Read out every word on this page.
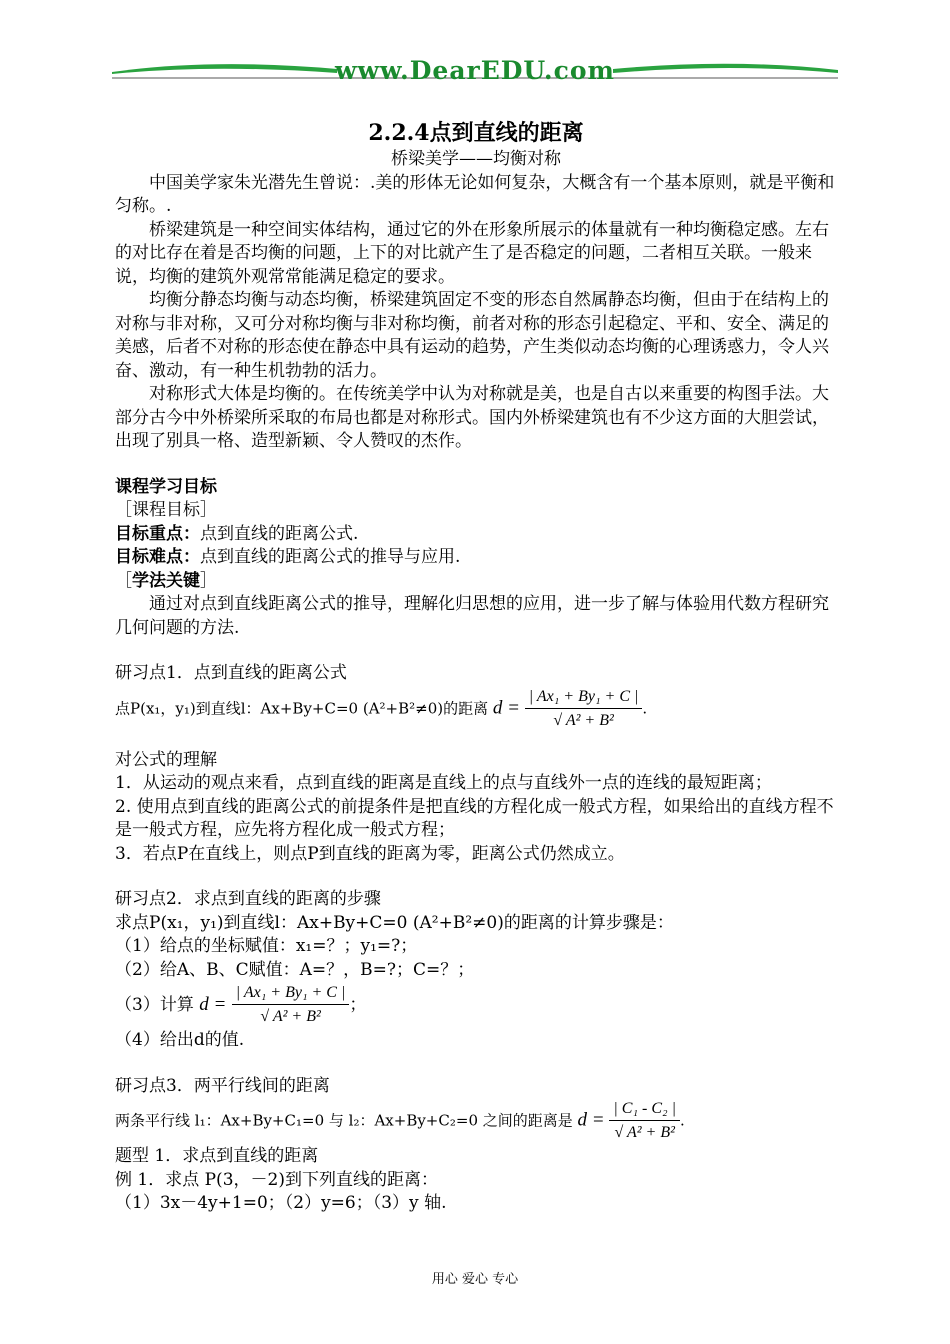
www.DearEDU.com
2.2.4点到直线的距离
桥梁美学——均衡对称

中国美学家朱光潜先生曾说：.美的形体无论如何复杂，大概含有一个基本原则，就是平衡和匀称。.

桥梁建筑是一种空间实体结构，通过它的外在形象所展示的体量就有一种均衡稳定感。左右的对比存在着是否均衡的问题，上下的对比就产生了是否稳定的问题，二者相互关联。一般来说，均衡的建筑外观常常能满足稳定的要求。

均衡分静态均衡与动态均衡，桥梁建筑固定不变的形态自然属静态均衡，但由于在结构上的对称与非对称，又可分对称均衡与非对称均衡，前者对称的形态引起稳定、平和、安全、满足的美感，后者不对称的形态使在静态中具有运动的趋势，产生类似动态均衡的心理诱惑力，令人兴奋、激动，有一种生机勃勃的活力。

对称形式大体是均衡的。在传统美学中认为对称就是美，也是自古以来重要的构图手法。大部分古今中外桥梁所采取的布局也都是对称形式。国内外桥梁建筑也有不少这方面的大胆尝试，出现了别具一格、造型新颖、令人赞叹的杰作。

课程学习目标

［课程目标］

目标重点：点到直线的距离公式.

目标难点：点到直线的距离公式的推导与应用.

［学法关键］

通过对点到直线距离公式的推导，理解化归思想的应用，进一步了解与体验用代数方程研究几何问题的方法.

研习点1．点到直线的距离公式

点P(x₁，y₁)到直线l：Ax+By+C=0 (A²+B²≠0)的距离 $d = \frac{\text{| Ax₁ + By₁ + C |}}{\text{√ A² + B²}}$ .

对公式的理解

1．从运动的观点来看，点到直线的距离是直线上的点与直线外一点的连线的最短距离；

2. 使用点到直线的距离公式的前提条件是把直线的方程化成一般式方程，如果给出的直线方程不是一般式方程，应先将方程化成一般式方程；

3．若点P在直线上，则点P到直线的距离为零，距离公式仍然成立。

研习点2．求点到直线的距离的步骤

求点P(x₁，y₁)到直线l：Ax+By+C=0 (A²+B²≠0)的距离的计算步骤是：

（1）给点的坐标赋值：x₁=？；y₁=?；

（2）给A、B、C赋值：A=？，B=?；C=？；

（3）计算 $d = \frac{\text{| Ax₁ + By₁ + C |}}{\text{√ A² + B²}}$ ；

（4）给出d的值.

研习点3．两平行线间的距离

两条平行线 l₁：Ax+By+C₁=0 与 l₂：Ax+By+C₂=0 之间的距离是 $d = \frac{\text{| C₁ - C₂ |}}{\text{√ A² + B²}}$ .

题型 1．求点到直线的距离

例 1．求点 P(3，－2)到下列直线的距离：

（1）3x－4y+1=0；（2）y=6；（3）y 轴.

用心 爱心 专心
